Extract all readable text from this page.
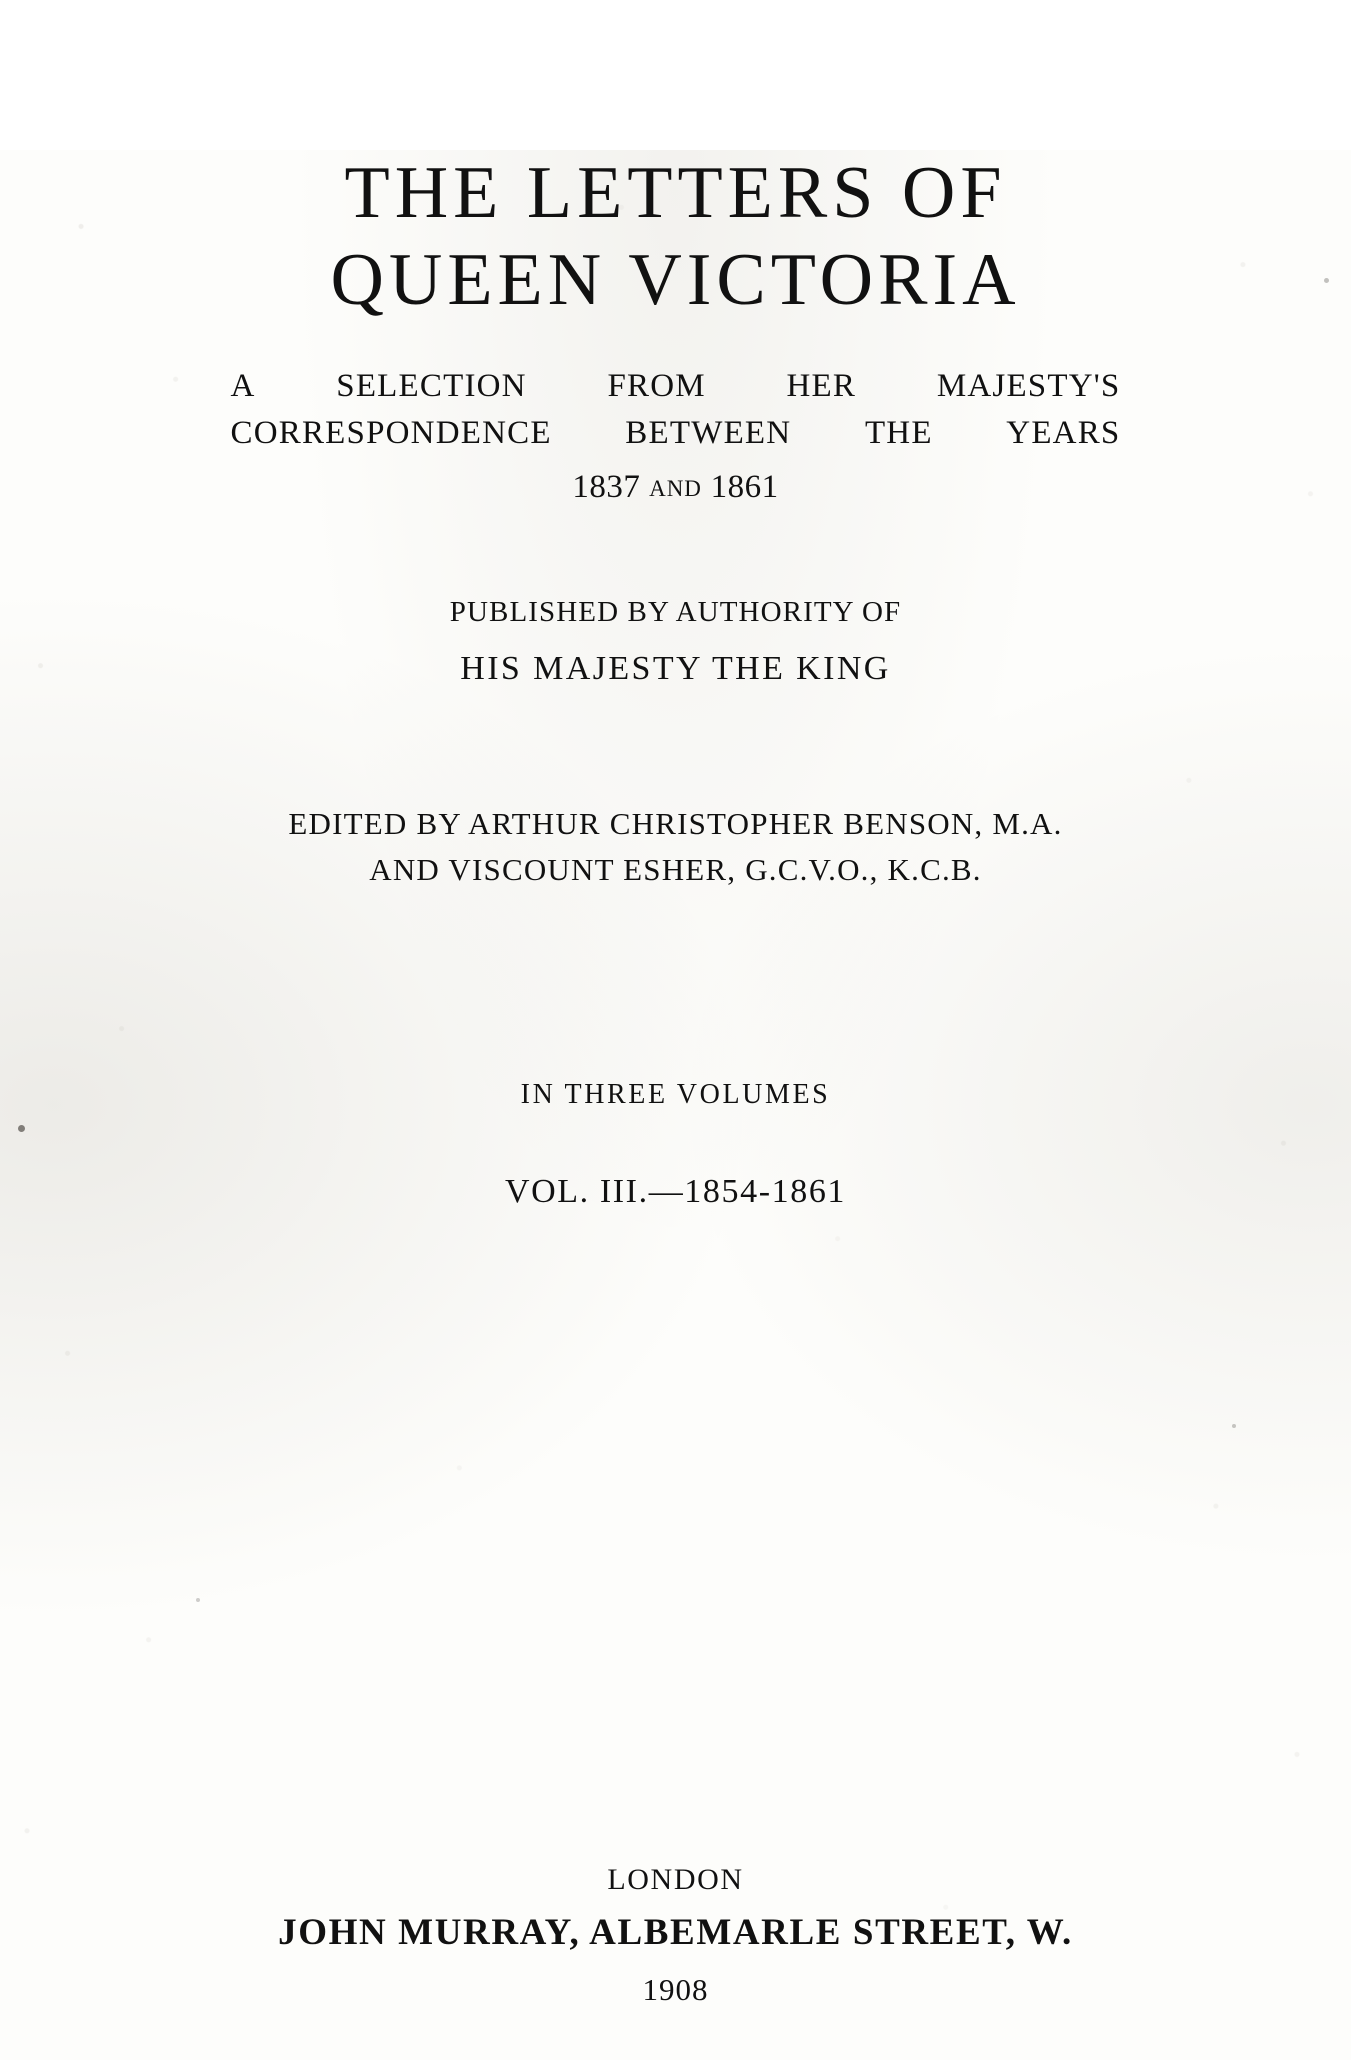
THE LETTERS OF
QUEEN VICTORIA
A SELECTION FROM HER MAJESTY'S
CORRESPONDENCE BETWEEN THE YEARS
1837 AND 1861
PUBLISHED BY AUTHORITY OF
HIS MAJESTY THE KING
EDITED BY ARTHUR CHRISTOPHER BENSON, M.A.
AND VISCOUNT ESHER, G.C.V.O., K.C.B.
IN THREE VOLUMES
VOL. III.—1854-1861
LONDON
JOHN MURRAY, ALBEMARLE STREET, W.
1908
